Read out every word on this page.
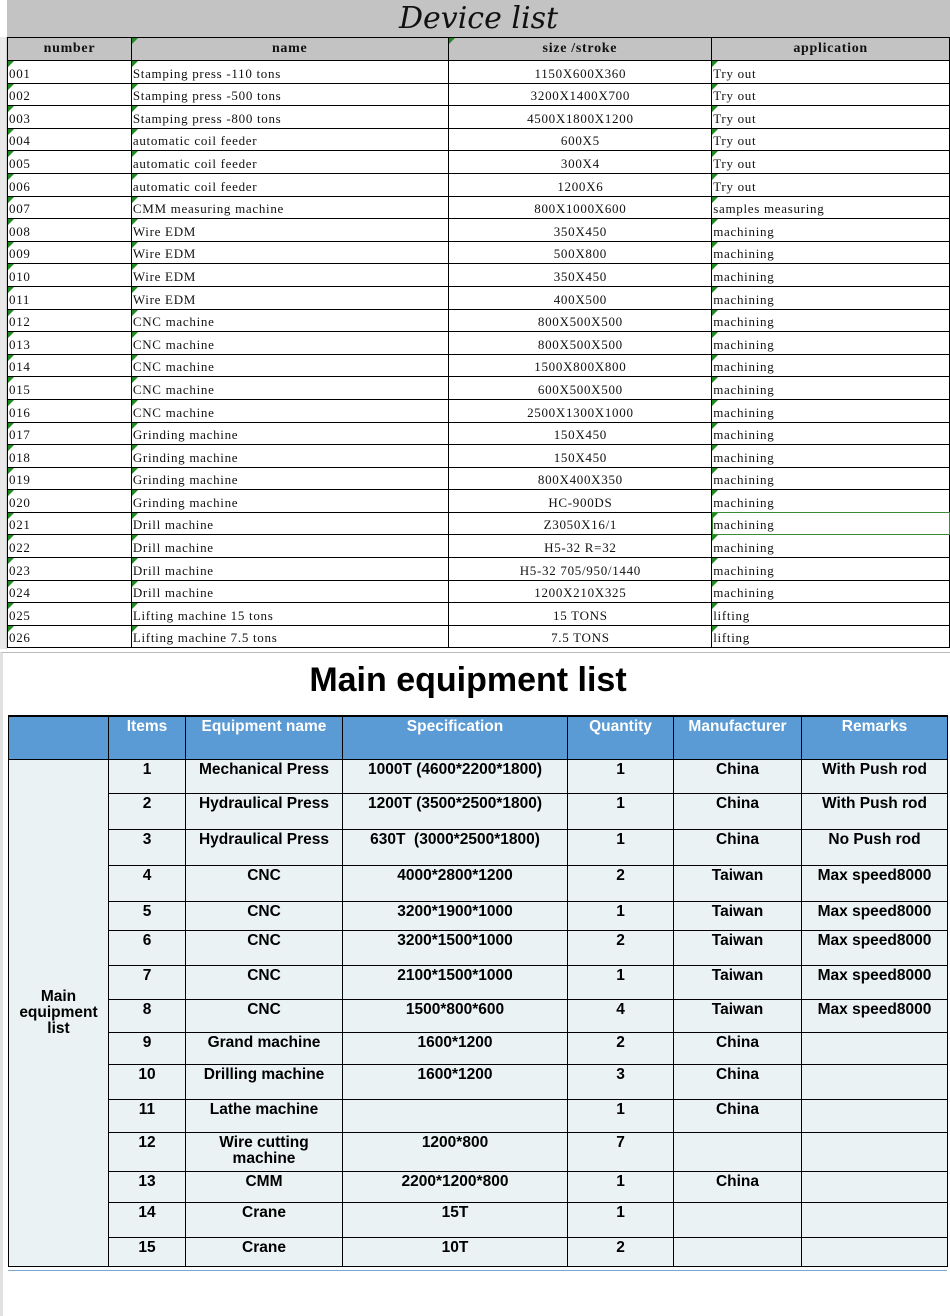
Device list
number	name	size /stroke	application
001	Stamping press -110 tons	1150X600X360	Try out
002	Stamping press -500 tons	3200X1400X700	Try out
003	Stamping press -800 tons	4500X1800X1200	Try out
004	automatic coil feeder	600X5	Try out
005	automatic coil feeder	300X4	Try out
006	automatic coil feeder	1200X6	Try out
007	CMM measuring machine	800X1000X600	samples measuring
008	Wire EDM	350X450	machining
009	Wire EDM	500X800	machining
010	Wire EDM	350X450	machining
011	Wire EDM	400X500	machining
012	CNC machine	800X500X500	machining
013	CNC machine	800X500X500	machining
014	CNC machine	1500X800X800	machining
015	CNC machine	600X500X500	machining
016	CNC machine	2500X1300X1000	machining
017	Grinding machine	150X450	machining
018	Grinding machine	150X450	machining
019	Grinding machine	800X400X350	machining
020	Grinding machine	HC-900DS	machining
021	Drill machine	Z3050X16/1	machining
022	Drill machine	H5-32 R=32	machining
023	Drill machine	H5-32 705/950/1440	machining
024	Drill machine	1200X210X325	machining
025	Lifting machine 15 tons	15 TONS	lifting
026	Lifting machine 7.5 tons	7.5 TONS	lifting
Main equipment list
	Items	Equipment name	Specification	Quantity	Manufacturer	Remarks
Main equipment list	1	Mechanical Press	1000T (4600*2200*1800)	1	China	With Push rod
	2	Hydraulical Press	1200T (3500*2500*1800)	1	China	With Push rod
	3	Hydraulical Press	630T  (3000*2500*1800)	1	China	No Push rod
	4	CNC	4000*2800*1200	2	Taiwan	Max speed8000
	5	CNC	3200*1900*1000	1	Taiwan	Max speed8000
	6	CNC	3200*1500*1000	2	Taiwan	Max speed8000
	7	CNC	2100*1500*1000	1	Taiwan	Max speed8000
	8	CNC	1500*800*600	4	Taiwan	Max speed8000
	9	Grand machine	1600*1200	2	China	
	10	Drilling machine	1600*1200	3	China	
	11	Lathe machine		1	China	
	12	Wire cutting machine	1200*800	7		
	13	CMM	2200*1200*800	1	China	
	14	Crane	15T	1		
	15	Crane	10T	2		
